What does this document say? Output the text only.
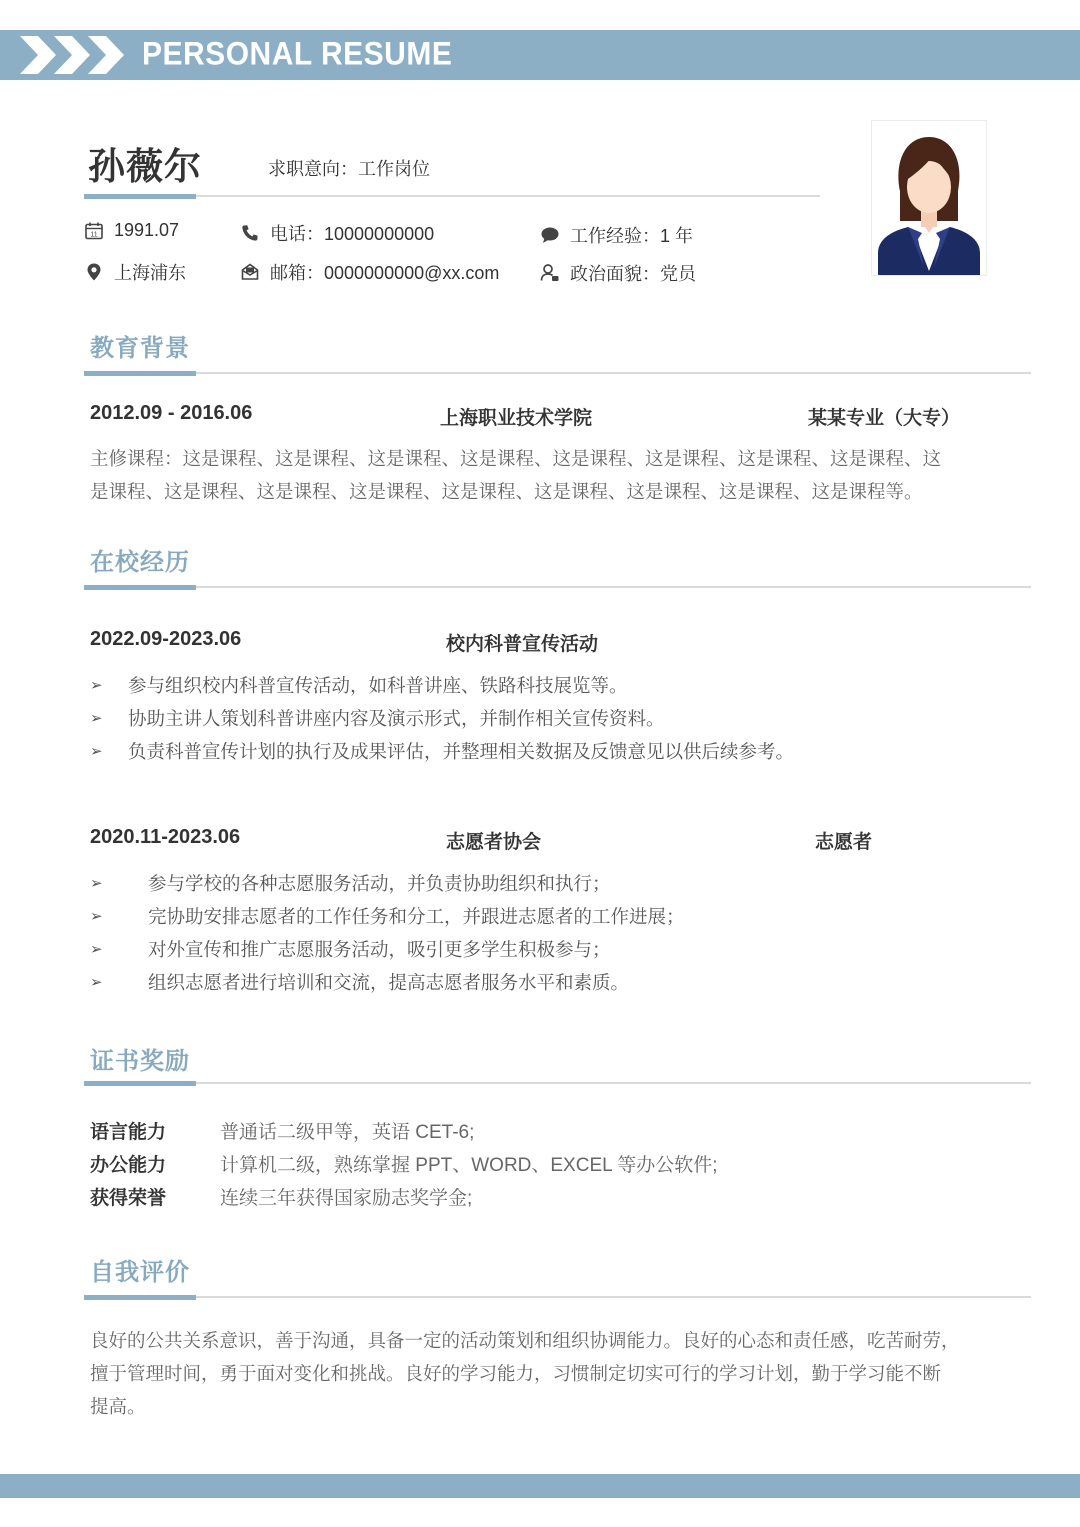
PERSONAL RESUME
孙薇尔	求职意向：工作岗位
11 1991.07
上海浦东
电话：10000000000
邮箱：0000000000@xx.com
工作经验：1 年
政治面貌：党员
教育背景
2012.09 - 2016.06	上海职业技术学院	某某专业（大专）
主修课程：这是课程、这是课程、这是课程、这是课程、这是课程、这是课程、这是课程、这是课程、这
是课程、这是课程、这是课程、这是课程、这是课程、这是课程、这是课程、这是课程、这是课程等。
在校经历
2022.09-2023.06	校内科普宣传活动
➢ 参与组织校内科普宣传活动，如科普讲座、铁路科技展览等。
➢ 协助主讲人策划科普讲座内容及演示形式，并制作相关宣传资料。
➢ 负责科普宣传计划的执行及成果评估，并整理相关数据及反馈意见以供后续参考。
2020.11-2023.06	志愿者协会	志愿者
➢ 参与学校的各种志愿服务活动，并负责协助组织和执行；
➢ 完协助安排志愿者的工作任务和分工，并跟进志愿者的工作进展；
➢ 对外宣传和推广志愿服务活动，吸引更多学生积极参与；
➢ 组织志愿者进行培训和交流，提高志愿者服务水平和素质。
证书奖励
语言能力	普通话二级甲等，英语 CET-6;
办公能力	计算机二级，熟练掌握 PPT、WORD、EXCEL 等办公软件;
获得荣誉	连续三年获得国家励志奖学金;
自我评价
良好的公共关系意识，善于沟通，具备一定的活动策划和组织协调能力。良好的心态和责任感，吃苦耐劳，
擅于管理时间，勇于面对变化和挑战。良好的学习能力，习惯制定切实可行的学习计划，勤于学习能不断
提高。
